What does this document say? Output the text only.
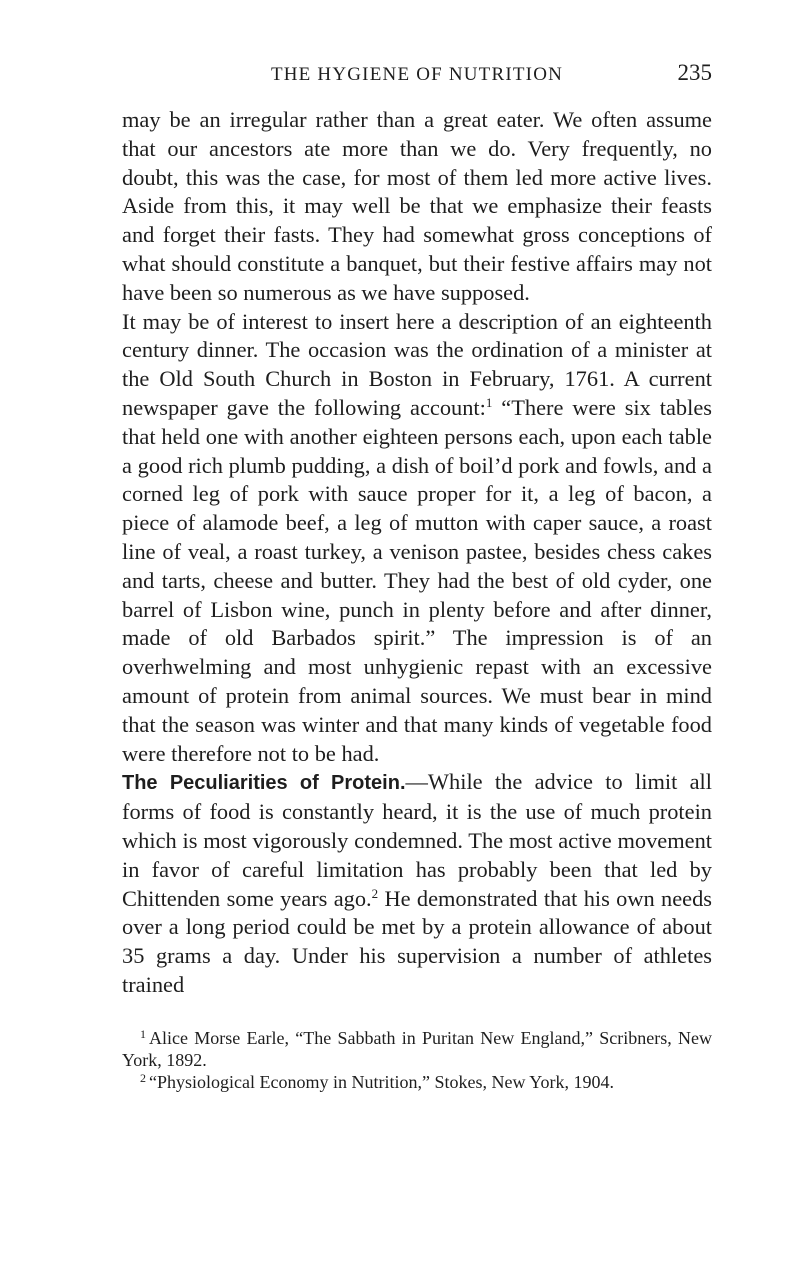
THE HYGIENE OF NUTRITION	235

may be an irregular rather than a great eater. We often assume that our ancestors ate more than we do. Very frequently, no doubt, this was the case, for most of them led more active lives. Aside from this, it may well be that we emphasize their feasts and forget their fasts. They had somewhat gross conceptions of what should constitute a banquet, but their festive affairs may not have been so numerous as we have supposed.

It may be of interest to insert here a description of an eighteenth century dinner. The occasion was the ordination of a minister at the Old South Church in Boston in February, 1761. A current newspaper gave the following account:$^1$ “There were six tables that held one with another eighteen persons each, upon each table a good rich plumb pudding, a dish of boil’d pork and fowls, and a corned leg of pork with sauce proper for it, a leg of bacon, a piece of alamode beef, a leg of mutton with caper sauce, a roast line of veal, a roast turkey, a venison pastee, besides chess cakes and tarts, cheese and butter. They had the best of old cyder, one barrel of Lisbon wine, punch in plenty before and after dinner, made of old Barbados spirit.” The impression is of an overhwelming and most unhygienic repast with an excessive amount of protein from animal sources. We must bear in mind that the season was winter and that many kinds of vegetable food were therefore not to be had.

The Peculiarities of Protein.—While the advice to limit all forms of food is constantly heard, it is the use of much protein which is most vigorously condemned. The most active movement in favor of careful limitation has probably been that led by Chittenden some years ago.$^2$ He demonstrated that his own needs over a long period could be met by a protein allowance of about 35 grams a day. Under his supervision a number of athletes trained

$^1$ Alice Morse Earle, “The Sabbath in Puritan New England,” Scribners, New York, 1892.

$^2$ “Physiological Economy in Nutrition,” Stokes, New York, 1904.
